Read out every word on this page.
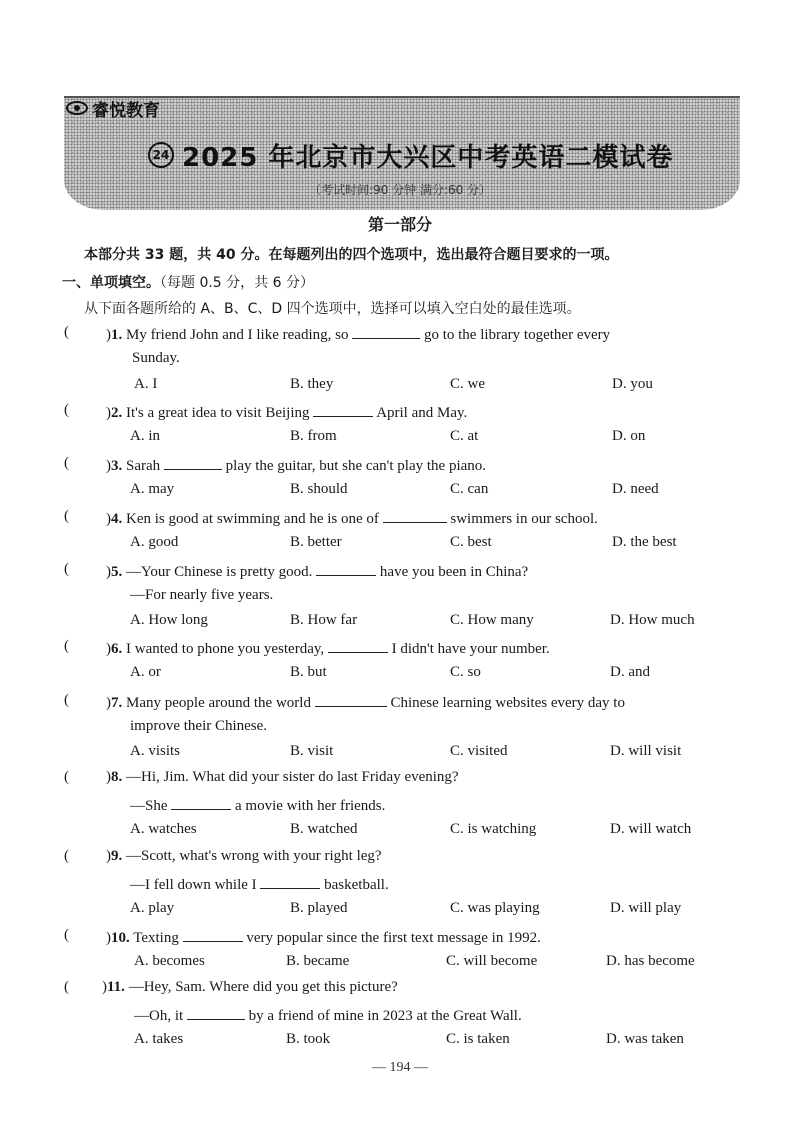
睿悦教育
24 2025 年北京市大兴区中考英语二模试卷
（考试时间:90 分钟 满分:60 分）
第一部分
本部分共 33 题，共 40 分。在每题列出的四个选项中，选出最符合题目要求的一项。
一、单项填空。（每题 0.5 分，共 6 分）
从下面各题所给的 A、B、C、D 四个选项中，选择可以填入空白处的最佳选项。
( )1. My friend John and I like reading, so	go to the library together every
Sunday.
A. I	B. they	C. we	D. you
( )2. It's a great idea to visit Beijing	April and May.
A. in	B. from	C. at	D. on
( )3. Sarah	play the guitar, but she can't play the piano.
A. may	B. should	C. can	D. need
( )4. Ken is good at swimming and he is one of	swimmers in our school.
A. good	B. better	C. best	D. the best
( )5. —Your Chinese is pretty good.	have you been in China?
—For nearly five years.
A. How long	B. How far	C. How many	D. How much
( )6. I wanted to phone you yesterday,	I didn't have your number.
A. or	B. but	C. so	D. and
( )7. Many people around the world	Chinese learning websites every day to
improve their Chinese.
A. visits	B. visit	C. visited	D. will visit
( )8. —Hi, Jim. What did your sister do last Friday evening?
—She	a movie with her friends.
A. watches	B. watched	C. is watching	D. will watch
( )9. —Scott, what's wrong with your right leg?
—I fell down while I	basketball.
A. play	B. played	C. was playing	D. will play
( )10. Texting	very popular since the first text message in 1992.
A. becomes	B. became	C. will become	D. has become
( )11. —Hey, Sam. Where did you get this picture?
—Oh, it	by a friend of mine in 2023 at the Great Wall.
A. takes	B. took	C. is taken	D. was taken
— 194 —
